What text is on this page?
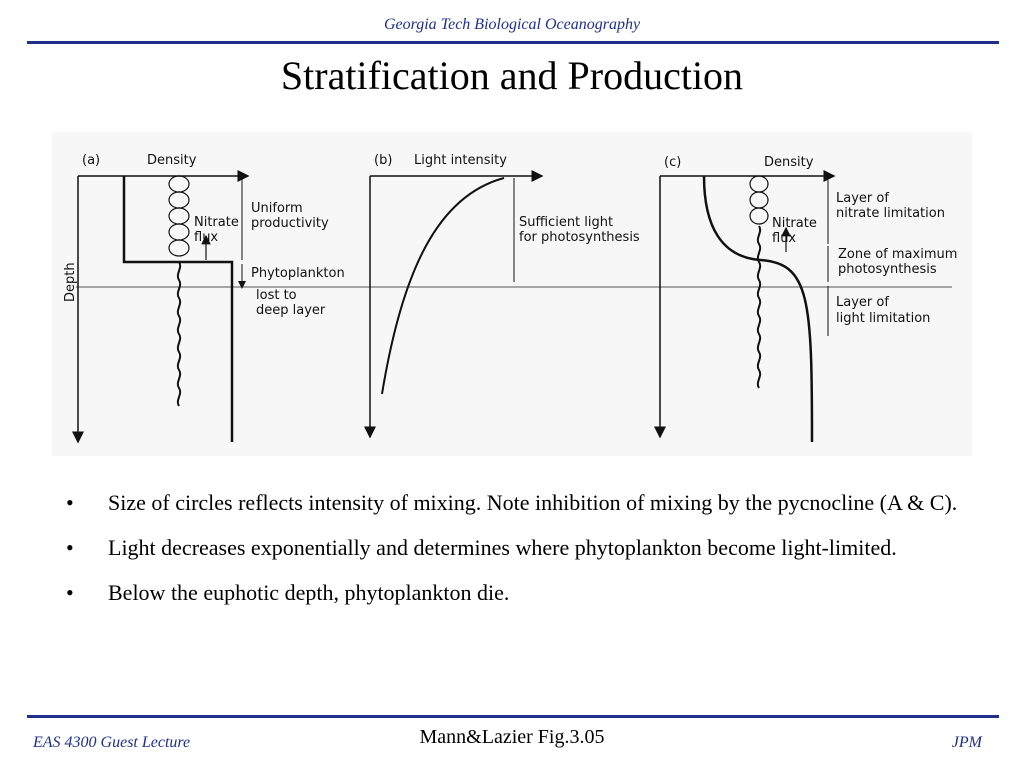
Georgia Tech Biological Oceanography
Stratification and Production
(a)	Density
Depth
Nitrate
flux
Uniform
productivity
Phytoplankton
lost to
deep layer
(b) Light intensity
Sufficient light
for photosynthesis
(c)	Density
Nitrate
flux
Layer of
nitrate limitation
Zone of maximum
photosynthesis
Layer of
light limitation
• Size of circles reflects intensity of mixing. Note inhibition of mixing by the pycnocline (A & C).
• Light decreases exponentially and determines where phytoplankton become light-limited.
• Below the euphotic depth, phytoplankton die.
EAS 4300 Guest Lecture	Mann&Lazier Fig.3.05	JPM
